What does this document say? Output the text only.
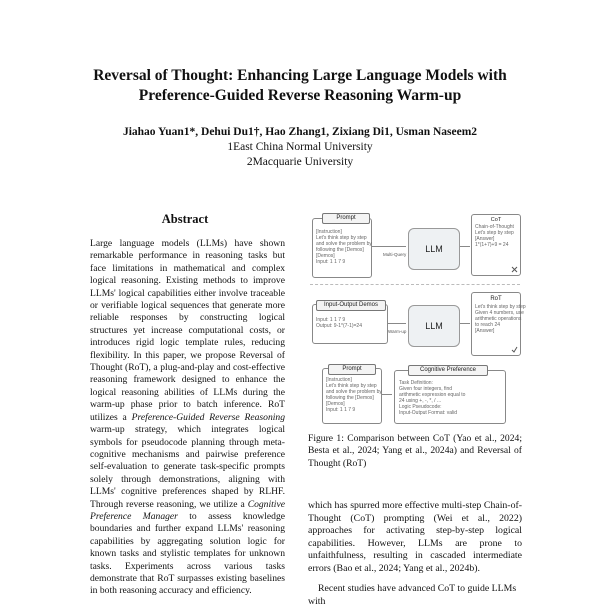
Reversal of Thought: Enhancing Large Language Models with
Preference-Guided Reverse Reasoning Warm-up
Jiahao Yuan1*, Dehui Du1†, Hao Zhang1, Zixiang Di1, Usman Naseem2
1East China Normal University
2Macquarie University
Abstract
Large language models (LLMs) have shown remarkable performance in reasoning tasks but face limitations in mathematical and complex logical reasoning. Existing methods to improve LLMs' logical capabilities either involve traceable or verifiable logical sequences that generate more reliable responses by constructing logical structures yet increase computational costs, or introduces rigid logic template rules, reducing flexibility. In this paper, we propose Reversal of Thought (RoT), a plug-and-play and cost-effective reasoning framework designed to enhance the logical reasoning abilities of LLMs during the warm-up phase prior to batch inference. RoT utilizes a Preference-Guided Reverse Reasoning warm-up strategy, which integrates logical symbols for pseudocode planning through meta-cognitive mechanisms and pairwise preference self-evaluation to generate task-specific prompts solely through demonstrations, aligning with LLMs' cognitive preferences shaped by RLHF. Through reverse reasoning, we utilize a Cognitive Preference Manager to assess knowledge boundaries and further expand LLMs' reasoning capabilities by aggregating solution logic for known tasks and stylistic templates for unknown tasks. Experiments across various tasks demonstrate that RoT surpasses existing baselines in both reasoning accuracy and efficiency.
[Instruction]
Let's think step by step
and solve the problem by
following the [Demos]
[Demos]
Input: 1 1 7 9
Prompt
Multi-Query
LLM
CoT
Chain-of-Thought
Let's step by step
[Answer]
1*(1+7)+9 = 24
Input: 1 1 7 9
Output: 9-1*(7-1)=24
Input-Output Demos
Warm-up
LLM
RoT
Let's think step by step
Given 4 numbers, use
arithmetic operations
to reach 24
[Answer]
[Instruction]
Let's think step by step
and solve the problem by
following the [Demos]
[Demos]
Input: 1 1 7 9
Prompt
Task Definition:
Given four integers, find
arithmetic expression equal to
24 using +, -, *, / ...
Logic Pseudocode:
Input-Output Format: valid
Cognitive Preference
Figure 1: Comparison between CoT (Yao et al., 2024; Besta et al., 2024; Yang et al., 2024a) and Reversal of Thought (RoT)
which has spurred more effective multi-step Chain-of-Thought (CoT) prompting (Wei et al., 2022) approaches for activating step-by-step logical capabilities. However, LLMs are prone to unfaithfulness, resulting in cascaded intermediate errors (Bao et al., 2024; Yang et al., 2024b).
Recent studies have advanced CoT to guide LLMs with
